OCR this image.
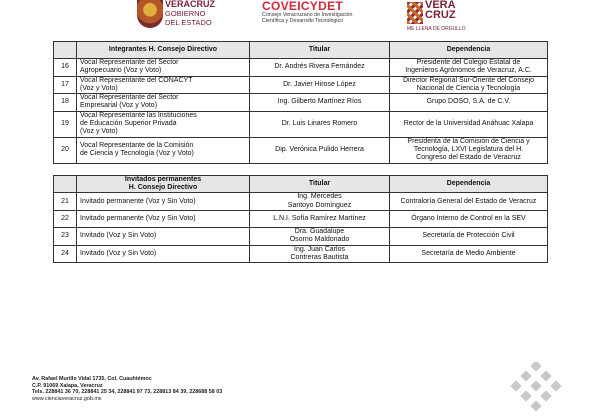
VERACRUZ
GOBIERNO
DEL ESTADO
COVEICYDET
Consejo Veracruzano de Investigación
Científica y Desarrollo Tecnológico
VERA
CRUZ
ME LLENA DE ORGULLO
	Integrantes H. Consejo Directivo	Titular	Dependencia
16	Vocal Representante del Sector
Agropecuario (Voz y Voto)	Dr. Andrés Rivera Fernández	Presidente del Colegio Estatal de
Ingenieros Agrónomos de Veracruz, A.C.

17	Vocal Representante del CONACYT
(Voz y Voto)	Dr. Javier Hirose López	Director Regional Sur-Oriente del Consejo
Nacional de Ciencia y Tecnología

18	Vocal Representante del Sector
Empresarial (Voz y Voto)	Ing. Gilberto Martínez Ríos	Grupo DOSO, S.A. de C.V.

19	Vocal Representante las Instituciones
de Educación Superior Privada
(Voz y Voto)	Dr. Luis Linares Romero	Rector de la Universidad Anáhuac Xalapa

20	Vocal Representante de la Comisión
de Ciencia y Tecnología (Voz y Voto)	Dip. Verónica Pulido Herrera	Presidenta de la Comisión de Ciencia y
Tecnología, LXVI Legislatura del H.
Congreso del Estado de Veracruz

	Invitados permanentes
H. Consejo Directivo	Titular	Dependencia
21	Invitado permanente (Voz y Sin Voto)	Ing. Mercedes
Santoyo Domínguez	Contraloría General del Estado de Veracruz

22	Invitado permanente (Voz y Sin Voto)	L.N.I. Sofía Ramírez Martínez	Órgano Interno de Control en la SEV

23	Invitado (Voz y Sin Voto)	Dra. Guadalupe
Osorno Maldonado	Secretaría de Protección Civil

24	Invitado (Voz y Sin Voto)	Ing. Juan Carlos
Contreras Bautista	Secretaría de Medio Ambiente
Av. Rafael Murillo Vidal 1735, Col. Cuauhtémoc
C.P. 91069 Xalapa, Veracruz
Tels. 228841 36 70, 228841 25 34, 228841 97 73, 228813 84 39, 228688 58 03
www.cienciaveracruz.gob.mx
